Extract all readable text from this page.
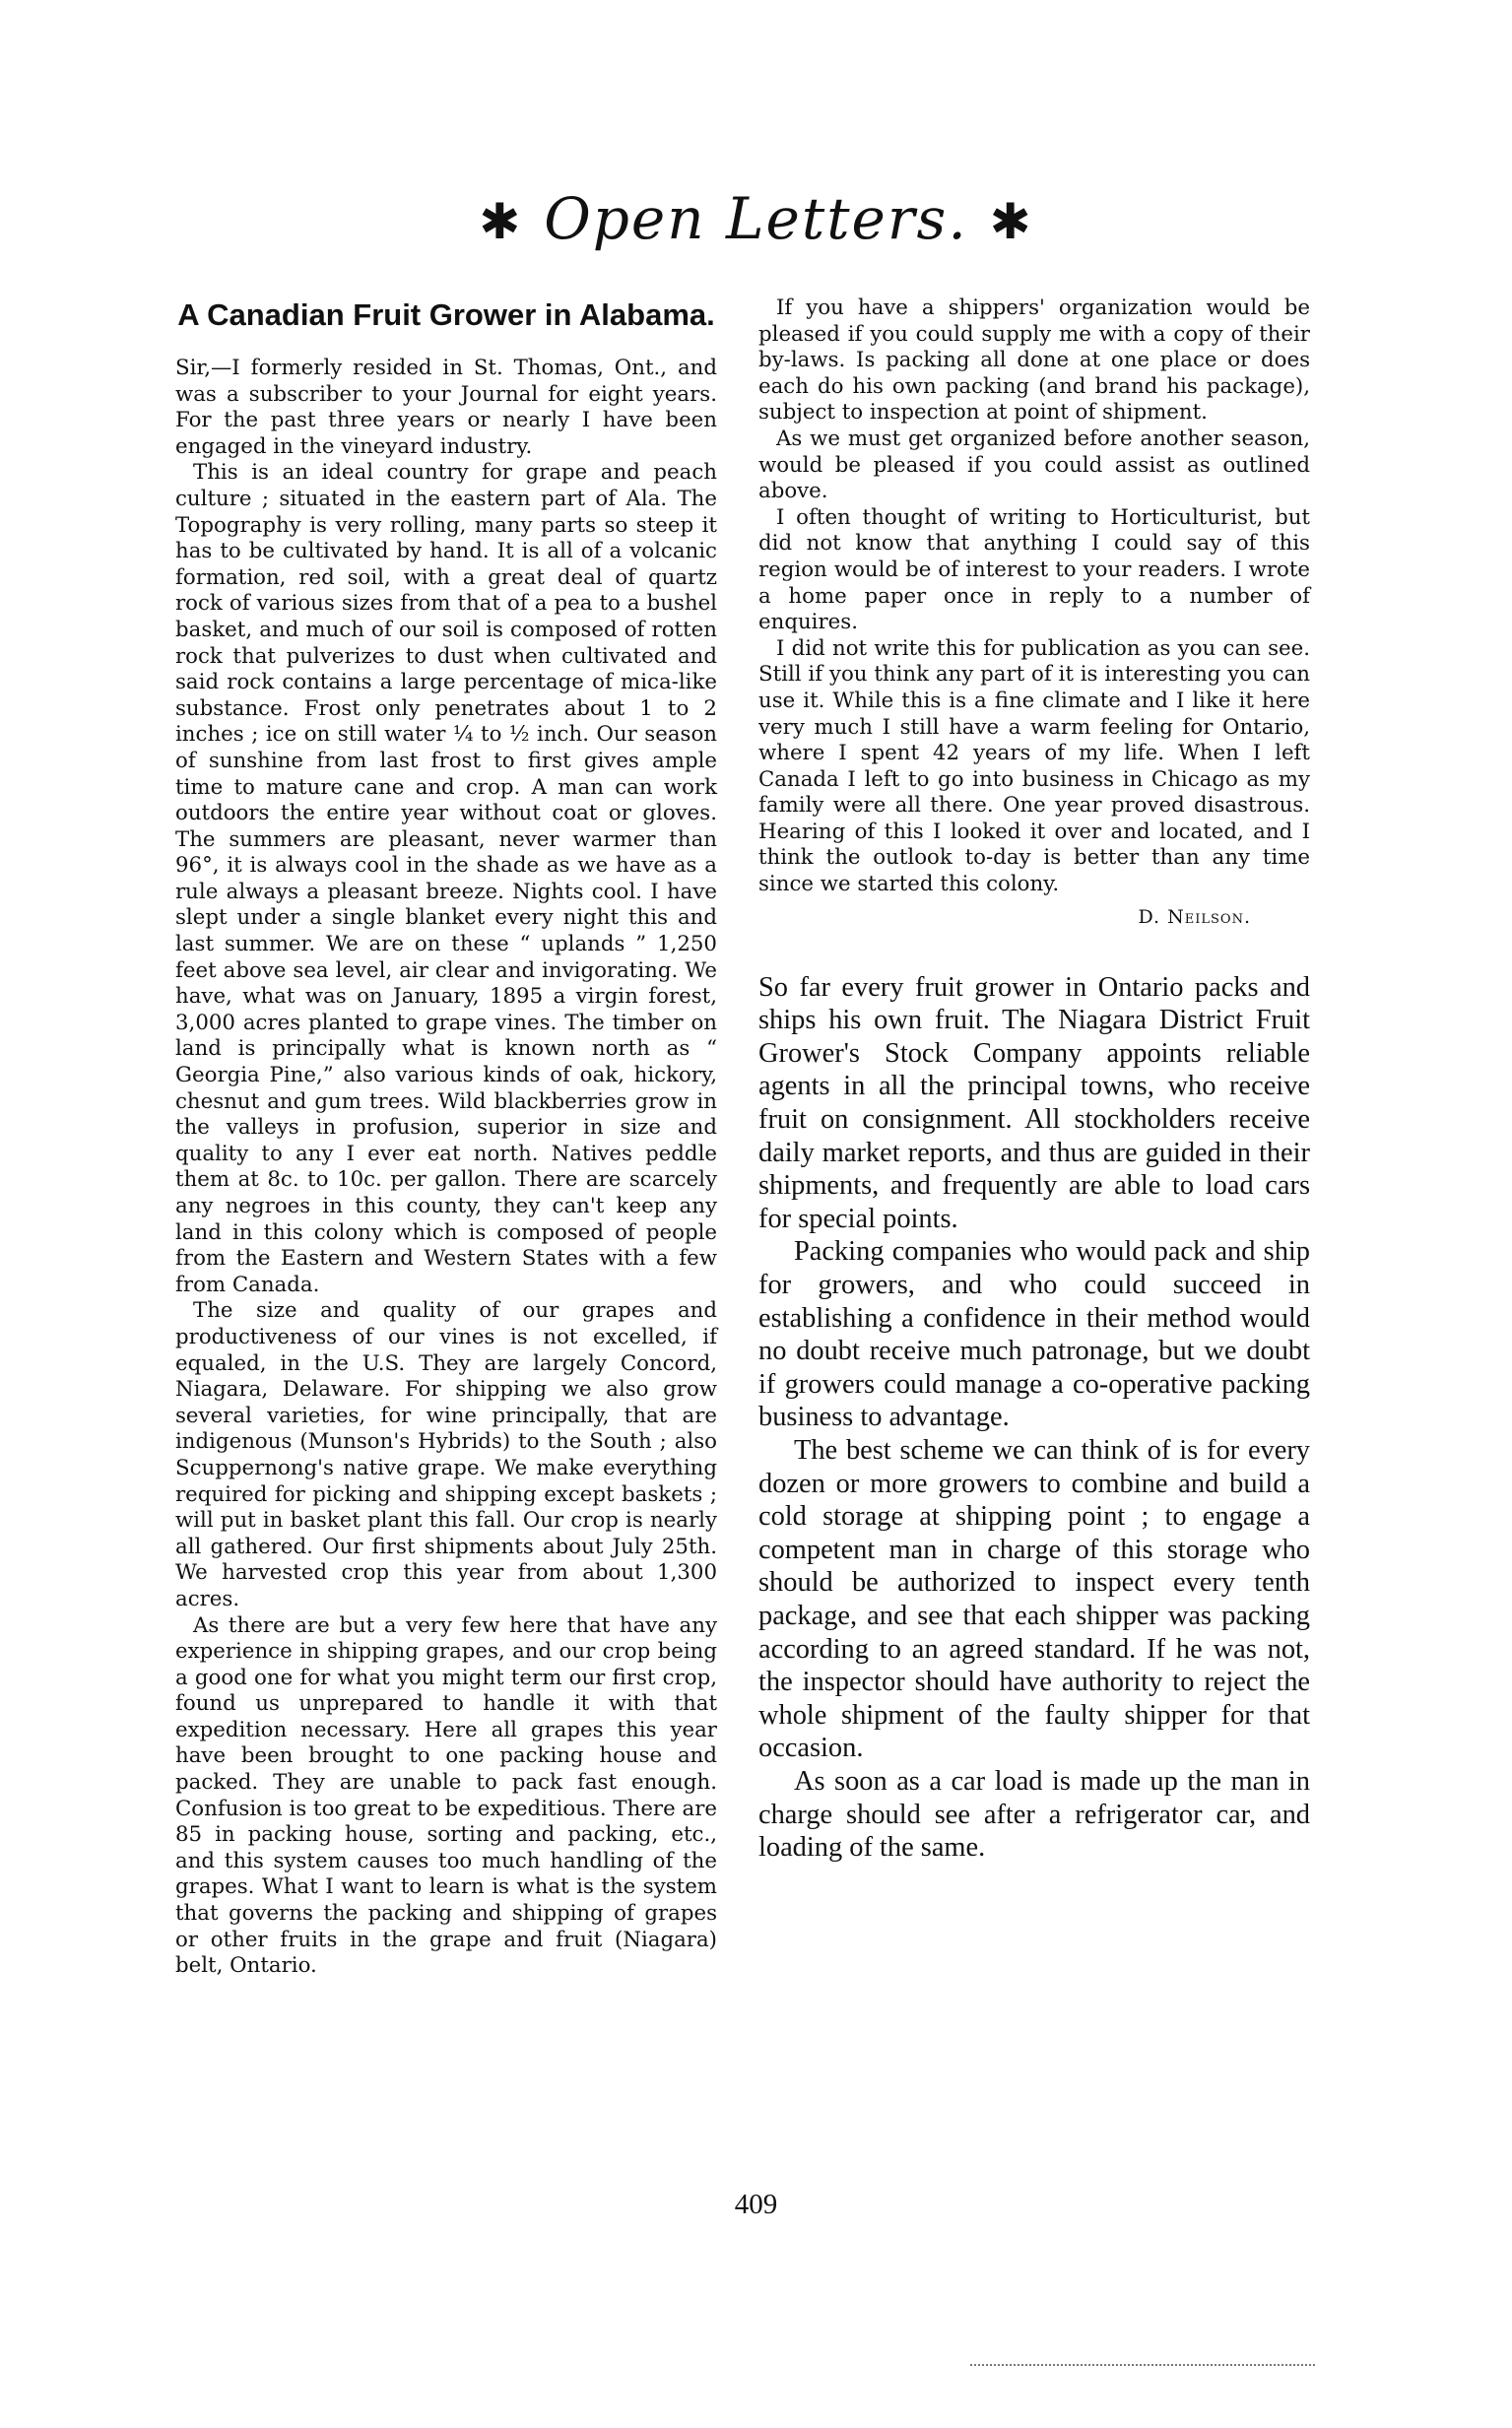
✱ Open Letters. ✱
A Canadian Fruit Grower in Alabama.

Sir,—I formerly resided in St. Thomas, Ont., and was a subscriber to your Journal for eight years. For the past three years or nearly I have been engaged in the vineyard industry.

This is an ideal country for grape and peach culture ; situated in the eastern part of Ala. The Topography is very rolling, many parts so steep it has to be cultivated by hand. It is all of a volcanic formation, red soil, with a great deal of quartz rock of various sizes from that of a pea to a bushel basket, and much of our soil is composed of rotten rock that pulverizes to dust when cultivated and said rock contains a large percentage of mica-like substance. Frost only penetrates about 1 to 2 inches ; ice on still water ¼ to ½ inch. Our season of sunshine from last frost to first gives ample time to mature cane and crop. A man can work outdoors the entire year without coat or gloves. The summers are pleasant, never warmer than 96°, it is always cool in the shade as we have as a rule always a pleasant breeze. Nights cool. I have slept under a single blanket every night this and last summer. We are on these “ uplands ” 1,250 feet above sea level, air clear and invigorating. We have, what was on January, 1895 a virgin forest, 3,000 acres planted to grape vines. The timber on land is principally what is known north as “ Georgia Pine,” also various kinds of oak, hickory, chesnut and gum trees. Wild blackberries grow in the valleys in profusion, superior in size and quality to any I ever eat north. Natives peddle them at 8c. to 10c. per gallon. There are scarcely any negroes in this county, they can't keep any land in this colony which is composed of people from the Eastern and Western States with a few from Canada.

The size and quality of our grapes and productiveness of our vines is not excelled, if equaled, in the U.S. They are largely Concord, Niagara, Delaware. For shipping we also grow several varieties, for wine principally, that are indigenous (Munson's Hybrids) to the South ; also Scuppernong's native grape. We make everything required for picking and shipping except baskets ; will put in basket plant this fall. Our crop is nearly all gathered. Our first shipments about July 25th. We harvested crop this year from about 1,300 acres.

As there are but a very few here that have any experience in shipping grapes, and our crop being a good one for what you might term our first crop, found us unprepared to handle it with that expedition necessary. Here all grapes this year have been brought to one packing house and packed. They are unable to pack fast enough. Confusion is too great to be expeditious. There are 85 in packing house, sorting and packing, etc., and this system causes too much handling of the grapes. What I want to learn is what is the system that governs the packing and shipping of grapes or other fruits in the grape and fruit (Niagara) belt, Ontario.

If you have a shippers' organization would be pleased if you could supply me with a copy of their by-laws. Is packing all done at one place or does each do his own packing (and brand his package), subject to inspection at point of shipment.

As we must get organized before another season, would be pleased if you could assist as outlined above.

I often thought of writing to Horticulturist, but did not know that anything I could say of this region would be of interest to your readers. I wrote a home paper once in reply to a number of enquires.

I did not write this for publication as you can see. Still if you think any part of it is interesting you can use it. While this is a fine climate and I like it here very much I still have a warm feeling for Ontario, where I spent 42 years of my life. When I left Canada I left to go into business in Chicago as my family were all there. One year proved disastrous. Hearing of this I looked it over and located, and I think the outlook to-day is better than any time since we started this colony.

D. Neilson.

So far every fruit grower in Ontario packs and ships his own fruit. The Niagara District Fruit Grower's Stock Company appoints reliable agents in all the principal towns, who receive fruit on consignment. All stockholders receive daily market reports, and thus are guided in their shipments, and frequently are able to load cars for special points.

Packing companies who would pack and ship for growers, and who could succeed in establishing a confidence in their method would no doubt receive much patronage, but we doubt if growers could manage a co-operative packing business to advantage.

The best scheme we can think of is for every dozen or more growers to combine and build a cold storage at shipping point ; to engage a competent man in charge of this storage who should be authorized to inspect every tenth package, and see that each shipper was packing according to an agreed standard. If he was not, the inspector should have authority to reject the whole shipment of the faulty shipper for that occasion.

As soon as a car load is made up the man in charge should see after a refrigerator car, and loading of the same.

409
